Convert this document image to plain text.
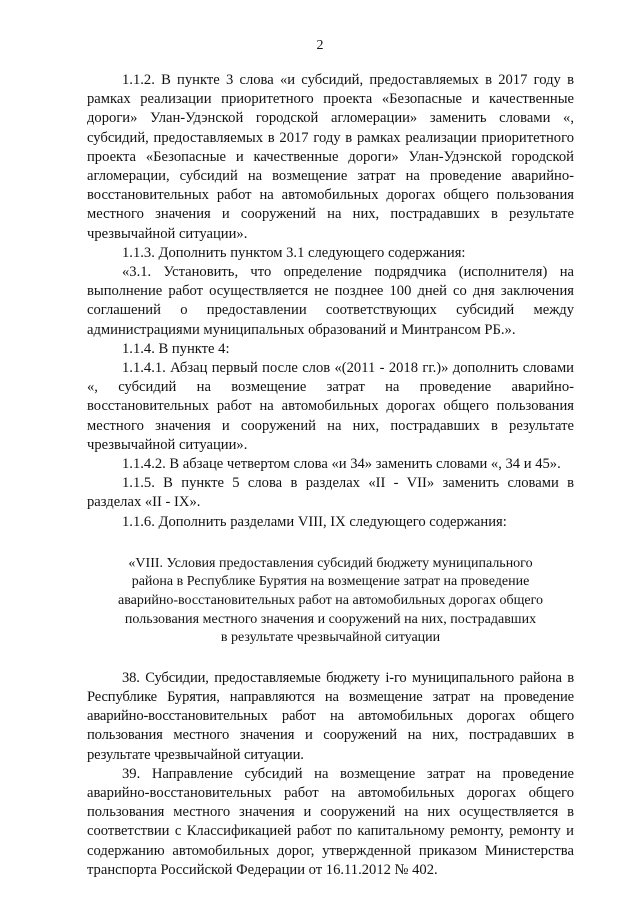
2

1.1.2. В пункте 3 слова «и субсидий, предоставляемых в 2017 году в рамках реализации приоритетного проекта «Безопасные и качественные дороги» Улан-Удэнской городской агломерации» заменить словами «, субсидий, предоставляемых в 2017 году в рамках реализации приоритетного проекта «Безопасные и качественные дороги» Улан-Удэнской городской агломерации, субсидий на возмещение затрат на проведение аварийно-восстановительных работ на автомобильных дорогах общего пользования местного значения и сооружений на них, пострадавших в результате чрезвычайной ситуации».

1.1.3. Дополнить пунктом 3.1 следующего содержания:

«3.1. Установить, что определение подрядчика (исполнителя) на выполнение работ осуществляется не позднее 100 дней со дня заключения соглашений о предоставлении соответствующих субсидий между администрациями муниципальных образований и Минтрансом РБ.».

1.1.4. В пункте 4:

1.1.4.1. Абзац первый после слов «(2011 - 2018 гг.)» дополнить словами «, субсидий на возмещение затрат на проведение аварийно-восстановительных работ на автомобильных дорогах общего пользования местного значения и сооружений на них, пострадавших в результате чрезвычайной ситуации».

1.1.4.2. В абзаце четвертом слова «и 34» заменить словами «, 34 и 45».

1.1.5. В пункте 5 слова в разделах «II - VII» заменить словами в разделах «II - IX».

1.1.6. Дополнить разделами VIII, IX следующего содержания:

«VIII. Условия предоставления субсидий бюджету муниципального
района в Республике Бурятия на возмещение затрат на проведение
аварийно-восстановительных работ на автомобильных дорогах общего
пользования местного значения и сооружений на них, пострадавших
в результате чрезвычайной ситуации

38. Субсидии, предоставляемые бюджету i-го муниципального района в Республике Бурятия, направляются на возмещение затрат на проведение аварийно-восстановительных работ на автомобильных дорогах общего пользования местного значения и сооружений на них, пострадавших в результате чрезвычайной ситуации.

39. Направление субсидий на возмещение затрат на проведение аварийно-восстановительных работ на автомобильных дорогах общего пользования местного значения и сооружений на них осуществляется в соответствии с Классификацией работ по капитальному ремонту, ремонту и содержанию автомобильных дорог, утвержденной приказом Министерства транспорта Российской Федерации от 16.11.2012 № 402.
